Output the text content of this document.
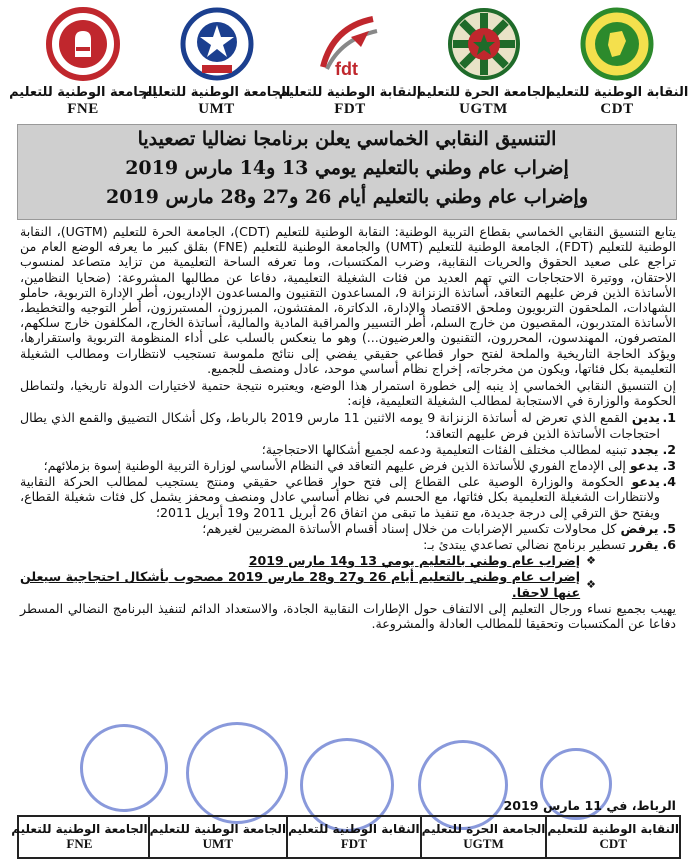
النقابة الوطنية للتعليم
CDT
الجامعة الحرة للتعليم
UGTM
fdt
النقابة الوطنية للتعليم
FDT
الجامعة الوطنية للتعليم
UMT
الجامعة الوطنية للتعليم
FNE
التنسيق النقابي الخماسي يعلن برنامجا نضاليا تصعيديا
إضراب عام وطني بالتعليم يومي 13 و14 مارس 2019
وإضراب عام وطني بالتعليم أيام 26 و27 و28 مارس 2019

يتابع التنسيق النقابي الخماسي بقطاع التربية الوطنية: النقابة الوطنية للتعليم (CDT)، الجامعة الحرة للتعليم (UGTM)، النقابة الوطنية للتعليم (FDT)، الجامعة الوطنية للتعليم (UMT) والجامعة الوطنية للتعليم (FNE) بقلق كبير ما يعرفه الوضع العام من تراجع على صعيد الحقوق والحريات النقابية، وضرب المكتسبات، وما تعرفه الساحة التعليمية من تزايد متصاعد لمنسوب الاحتقان، ووتيرة الاحتجاجات التي تهم العديد من فئات الشغيلة التعليمية، دفاعا عن مطالبها المشروعة: (ضحايا النظامين، الأساتذة الذين فرض عليهم التعاقد، أساتذة الزنزانة 9، المساعدون التقنيون والمساعدون الإداريون، أطر الإدارة التربوية، حاملو الشهادات، الملحقون التربويون وملحق الاقتصاد والإدارة، الدكاترة، المفتشون، المبرزون، المستبرزون، أطر التوجيه والتخطيط، الأساتذة المتدربون، المقصيون من خارج السلم، أطر التسيير والمراقبة المادية والمالية، أساتذة الخارج، المكلفون خارج سلكهم، المتصرفون، المهندسون، المحررون، التقنيون والعرضيون...) وهو ما ينعكس بالسلب على أداء المنظومة التربوية واستقرارها، ويؤكد الحاجة التاريخية والملحة لفتح حوار قطاعي حقيقي يفضي إلى نتائج ملموسة تستجيب لانتظارات ومطالب الشغيلة التعليمية بكل فئاتها، ويكون من مخرجاته، إخراج نظام أساسي موحد، عادل ومنصف للجميع.

إن التنسيق النقابي الخماسي إذ ينبه إلى خطورة استمرار هذا الوضع، ويعتبره نتيجة حتمية لاختيارات الدولة تاريخيا، ولتماطل الحكومة والوزارة في الاستجابة لمطالب الشغيلة التعليمية، فإنه:

1.
يدين القمع الذي تعرض له أساتذة الزنزانة 9 يومه الاثنين 11 مارس 2019 بالرباط، وكل أشكال التضييق والقمع الذي يطال احتجاجات الأساتذة الذين فرض عليهم التعاقد؛
2.
يجدد تبنيه لمطالب مختلف الفئات التعليمية ودعمه لجميع أشكالها الاحتجاجية؛
3.
يدعو إلى الإدماج الفوري للأساتذة الذين فرض عليهم التعاقد في النظام الأساسي لوزارة التربية الوطنية إسوة بزملائهم؛
4.
يدعو الحكومة والوزارة الوصية على القطاع إلى فتح حوار قطاعي حقيقي ومنتج يستجيب لمطالب الحركة النقابية ولانتظارات الشغيلة التعليمية بكل فئاتها، مع الحسم في نظام أساسي عادل ومنصف ومحفز يشمل كل فئات شغيلة القطاع، ويفتح حق الترقي إلى درجة جديدة، مع تنفيذ ما تبقى من اتفاق 26 أبريل 2011 و19 أبريل 2011؛
5.
يرفض كل محاولات تكسير الإضرابات من خلال إسناد أقسام الأساتذة المضربين لغيرهم؛
6.
يقرر تسطير برنامج نضالي تصاعدي يبتدئ بـ:
❖
إضراب عام وطني بالتعليم يومي 13 و14 مارس 2019
❖
إضراب عام وطني بالتعليم أيام 26 و27 و28 مارس 2019 مصحوب بأشكال احتجاجية سيعلن عنها لاحقا.

يهيب بجميع نساء ورجال التعليم إلى الالتفاف حول الإطارات النقابية الجادة، والاستعداد الدائم لتنفيذ البرنامج النضالي المسطر دفاعا عن المكتسبات وتحقيقا للمطالب العادلة والمشروعة.

الرباط، في 11 مارس 2019
النقابة الوطنية للتعليم
CDT
الجامعة الحرة للتعليم
UGTM
النقابة الوطنية للتعليم
FDT
الجامعة الوطنية للتعليم
UMT
الجامعة الوطنية للتعليم
FNE
